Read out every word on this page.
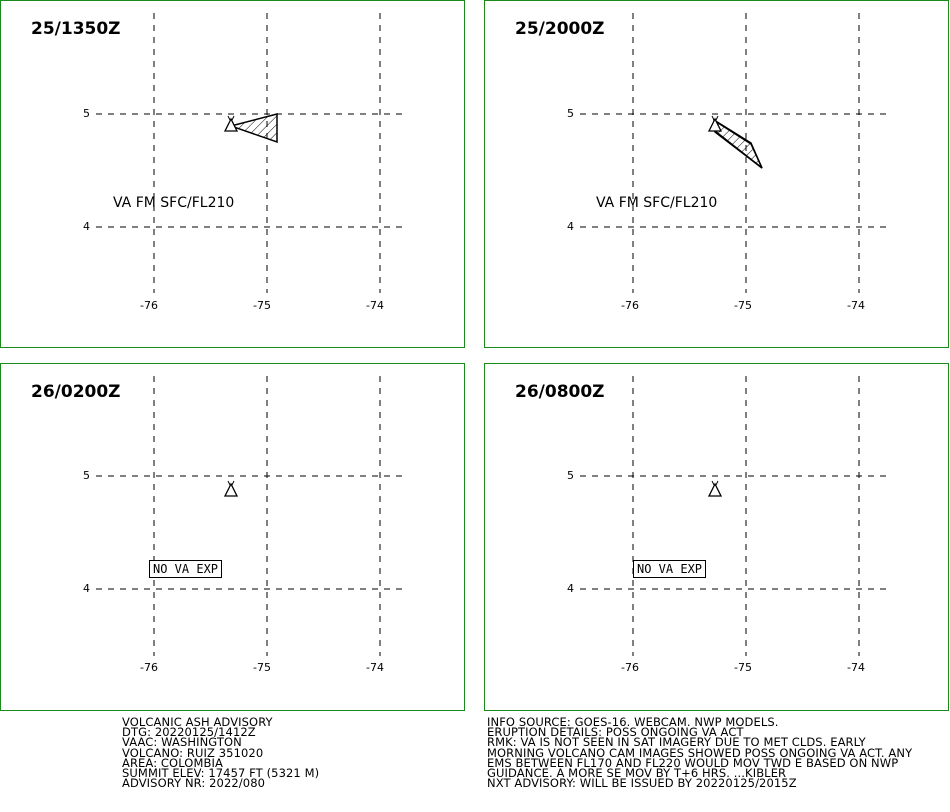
25/1350Z
5
4
-76	-75	-74
VA FM SFC/FL210
25/2000Z
5
4
-76	-75	-74
VA FM SFC/FL210
26/0200Z
5
4
-76	-75	-74
NO VA EXP
26/0800Z
5
4
-76	-75	-74
NO VA EXP
VOLCANIC ASH ADVISORY
DTG: 20220125/1412Z
VAAC: WASHINGTON
VOLCANO: RUIZ 351020
AREA: COLOMBIA
SUMMIT ELEV: 17457 FT (5321 M)
ADVISORY NR: 2022/080
INFO SOURCE: GOES-16. WEBCAM. NWP MODELS.
ERUPTION DETAILS: POSS ONGOING VA ACT
RMK: VA IS NOT SEEN IN SAT IMAGERY DUE TO MET CLDS. EARLY
MORNING VOLCANO CAM IMAGES SHOWED POSS ONGOING VA ACT. ANY
EMS BETWEEN FL170 AND FL220 WOULD MOV TWD E BASED ON NWP
GUIDANCE. A MORE SE MOV BY T+6 HRS. ...KIBLER
NXT ADVISORY: WILL BE ISSUED BY 20220125/2015Z
